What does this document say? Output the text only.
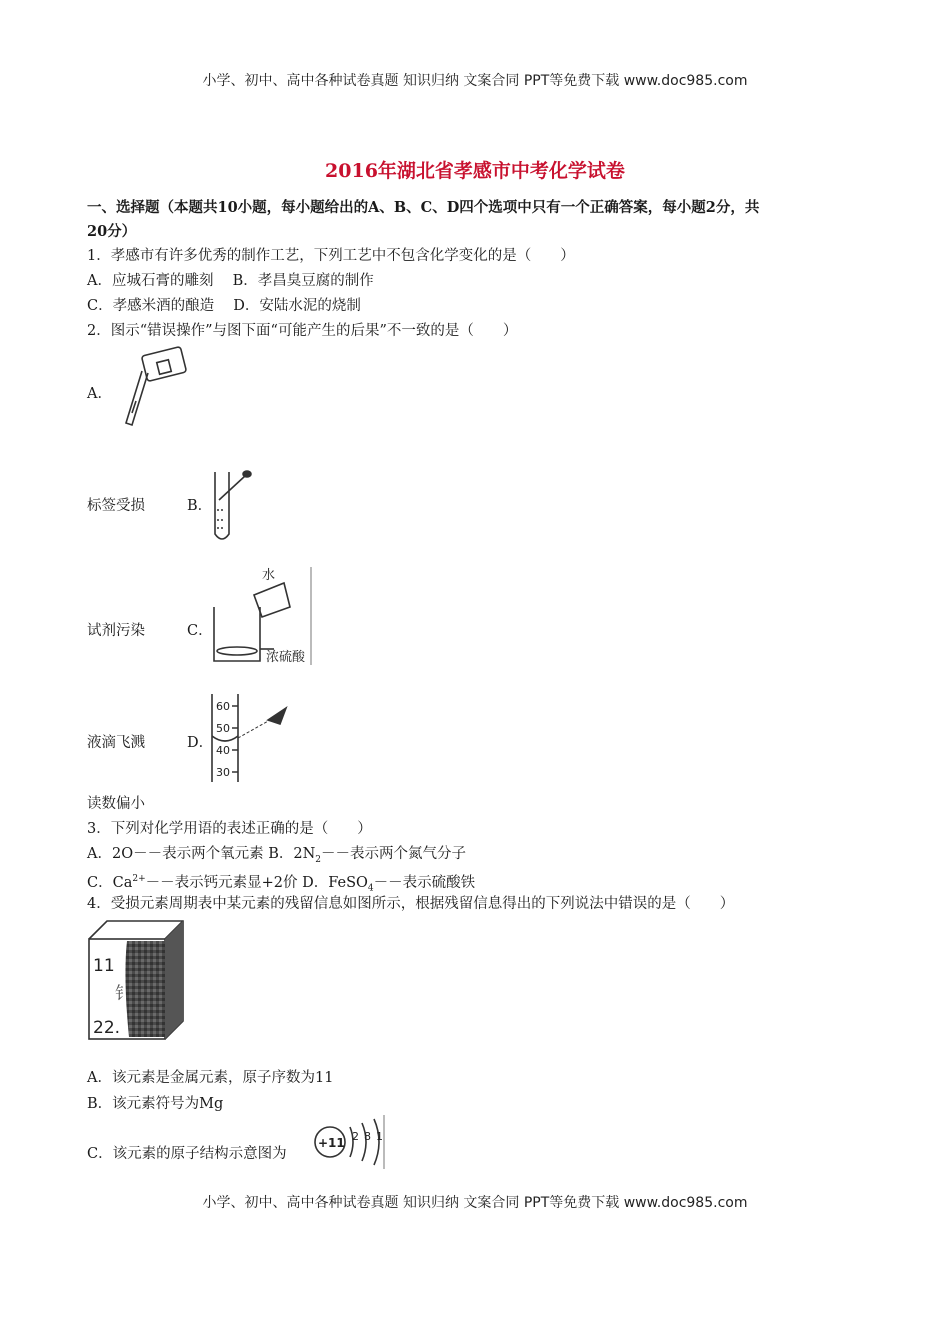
小学、初中、高中各种试卷真题 知识归纳 文案合同 PPT等免费下载 www.doc985.com
2016年湖北省孝感市中考化学试卷
一、选择题（本题共10小题，每小题给出的A、B、C、D四个选项中只有一个正确答案，每小题2分，共
20分）
1．孝感市有许多优秀的制作工艺，下列工艺中不包含化学变化的是（　　）
A．应城石膏的雕刻　 B．孝昌臭豆腐的制作
C．孝感米酒的酿造　 D．安陆水泥的烧制
2．图示“错误操作”与图下面“可能产生的后果”不一致的是（　　）
A．
标签受损	B．
试剂污染	C．
水
浓硫酸
液滴飞溅	D．
60
50
40
30
读数偏小
3．下列对化学用语的表述正确的是（　　）
A．2O－－表示两个氧元素 B．$2N_2--$表示两个氮气分子
C．$Ca^{2+}--$表示钙元素显+2价 D．FeSO$_4$－－表示硫酸铁
4．受损元素周期表中某元素的残留信息如图所示，根据残留信息得出的下列说法中错误的是（　　）
11
钅
22.
A．该元素是金属元素，原子序数为11
B．该元素符号为Mg
C．该元素的原子结构示意图为
+11 2 8 1
小学、初中、高中各种试卷真题 知识归纳 文案合同 PPT等免费下载 www.doc985.com
